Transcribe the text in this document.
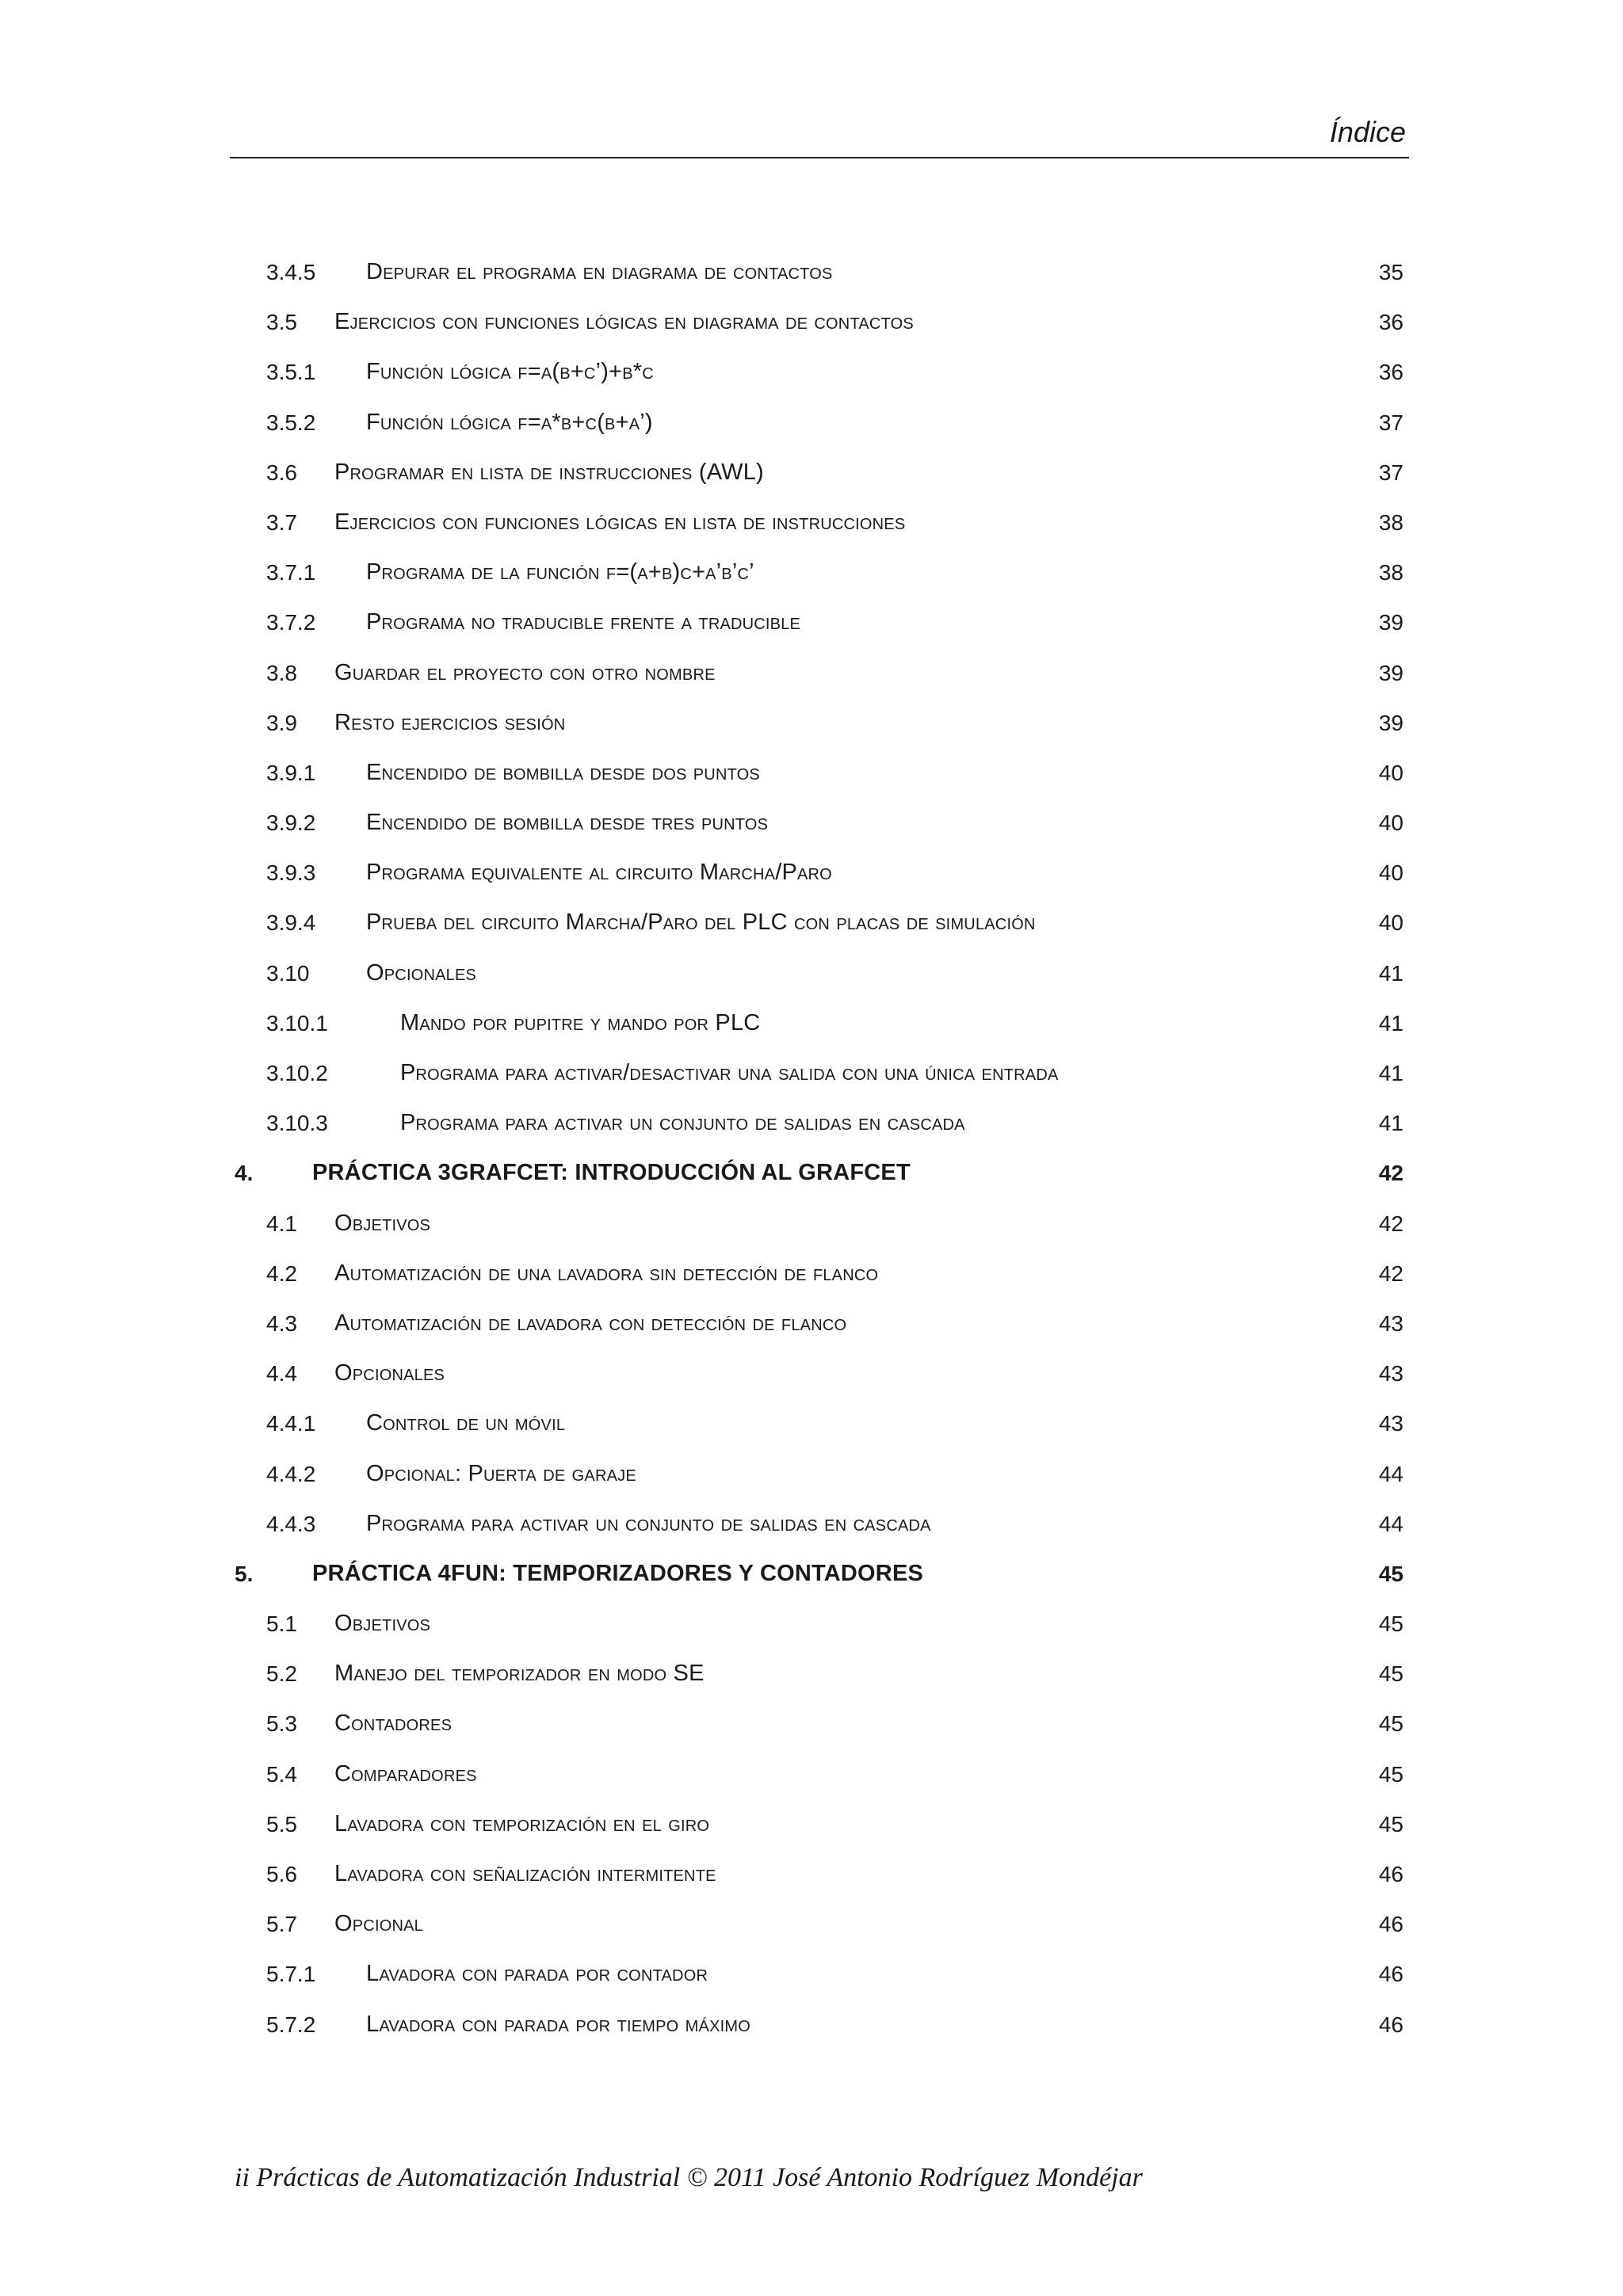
Índice
3.4.5 Depurar el programa en diagrama de contactos	35
3.5 Ejercicios con funciones lógicas en diagrama de contactos	36
3.5.1 Función lógica f=a(b+c’)+b*c	36
3.5.2 Función lógica f=a*b+c(b+a’)	37
3.6 Programar en lista de instrucciones (AWL)	37
3.7 Ejercicios con funciones lógicas en lista de instrucciones	38
3.7.1 Programa de la función f=(a+b)c+a’b’c’	38
3.7.2 Programa no traducible frente a traducible	39
3.8 Guardar el proyecto con otro nombre	39
3.9 Resto ejercicios sesión	39
3.9.1 Encendido de bombilla desde dos puntos	40
3.9.2 Encendido de bombilla desde tres puntos	40
3.9.3 Programa equivalente al circuito Marcha/Paro	40
3.9.4 Prueba del circuito Marcha/Paro del PLC con placas de simulación	40
3.10 Opcionales	41
3.10.1	Mando por pupitre y mando por PLC	41
3.10.2	Programa para activar/desactivar una salida con una única entrada	41
3.10.3	Programa para activar un conjunto de salidas en cascada	41
4.	PRÁCTICA 3GRAFCET: INTRODUCCIÓN AL GRAFCET	42
4.1 Objetivos	42
4.2 Automatización de una lavadora sin detección de flanco	42
4.3 Automatización de lavadora con detección de flanco	43
4.4 Opcionales	43
4.4.1 Control de un móvil	43
4.4.2 Opcional: Puerta de garaje	44
4.4.3 Programa para activar un conjunto de salidas en cascada	44
5.	PRÁCTICA 4FUN: TEMPORIZADORES Y CONTADORES	45
5.1 Objetivos	45
5.2 Manejo del temporizador en modo SE	45
5.3 Contadores	45
5.4 Comparadores	45
5.5 Lavadora con temporización en el giro	45
5.6 Lavadora con señalización intermitente	46
5.7 Opcional	46
5.7.1 Lavadora con parada por contador	46
5.7.2 Lavadora con parada por tiempo máximo	46
ii Prácticas de Automatización Industrial © 2011 José Antonio Rodríguez Mondéjar
